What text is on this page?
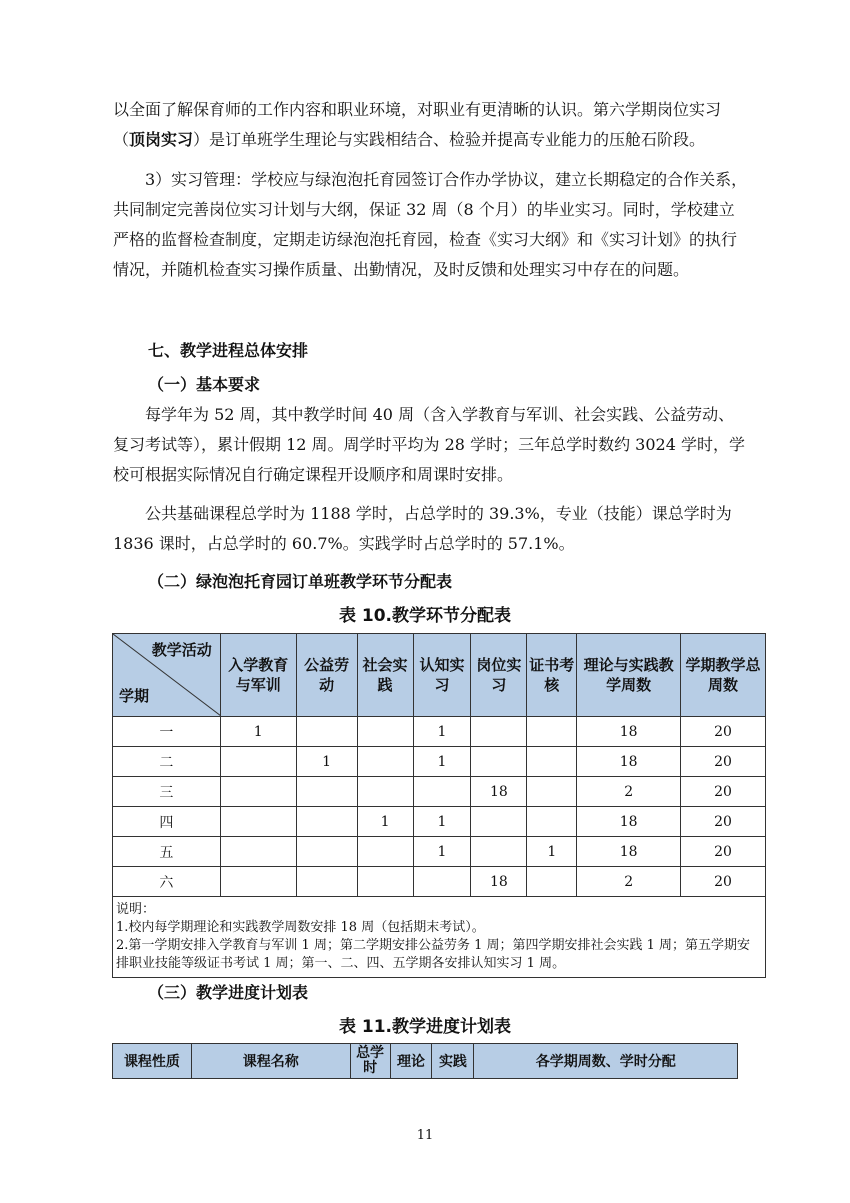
以全面了解保育师的工作内容和职业环境，对职业有更清晰的认识。第六学期岗位实习（顶岗实习）是订单班学生理论与实践相结合、检验并提高专业能力的压舱石阶段。
3）实习管理：学校应与绿泡泡托育园签订合作办学协议，建立长期稳定的合作关系，共同制定完善岗位实习计划与大纲，保证 32 周（8 个月）的毕业实习。同时，学校建立严格的监督检查制度，定期走访绿泡泡托育园，检查《实习大纲》和《实习计划》的执行情况，并随机检查实习操作质量、出勤情况，及时反馈和处理实习中存在的问题。
七、教学进程总体安排
（一）基本要求
每学年为 52 周，其中教学时间 40 周（含入学教育与军训、社会实践、公益劳动、复习考试等），累计假期 12 周。周学时平均为 28 学时；三年总学时数约 3024 学时，学校可根据实际情况自行确定课程开设顺序和周课时安排。
公共基础课程总学时为 1188 学时，占总学时的 39.3%，专业（技能）课总学时为 1836 课时，占总学时的 60.7%。实践学时占总学时的 57.1%。
（二）绿泡泡托育园订单班教学环节分配表
表 10.教学环节分配表
教学活动
学期	入学教育与军训	公益劳动	社会实践	认知实习	岗位实习	证书考核	理论与实践教学周数	学期教学总周数
一	1			1			18	20
二		1		1			18	20
三					18		2	20
四			1	1			18	20
五				1		1	18	20
六					18		2	20

说明：
1.校内每学期理论和实践教学周数安排 18 周（包括期末考试）。
2.第一学期安排入学教育与军训 1 周；第二学期安排公益劳务 1 周；第四学期安排社会实践 1 周；第五学期安排职业技能等级证书考试 1 周；第一、二、四、五学期各安排认知实习 1 周。								
（三）教学进度计划表
表 11.教学进度计划表
课程性质	课程名称	总学时	理论	实践	各学期周数、学时分配
11
